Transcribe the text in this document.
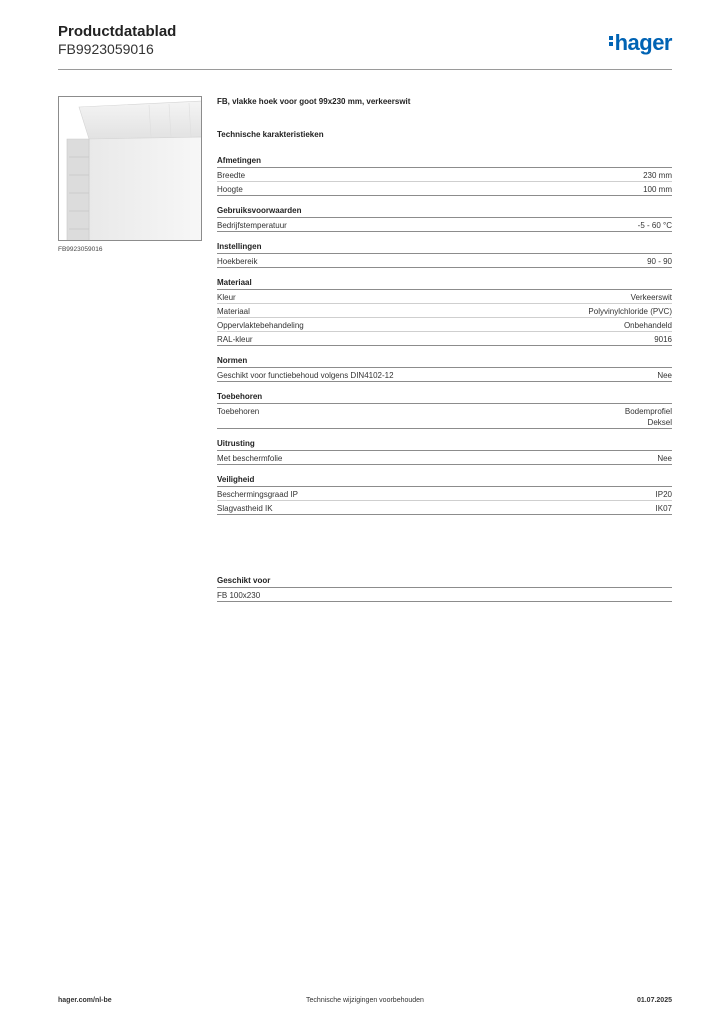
Productdatablad
FB9923059016	hager
FB9923059016
FB, vlakke hoek voor goot 99x230 mm, verkeerswit
Technische karakteristieken
Afmetingen
Breedte	230 mm
Hoogte	100 mm
Gebruiksvoorwaarden
Bedrijfstemperatuur	-5 - 60 °C
Instellingen
Hoekbereik	90 - 90
Materiaal
Kleur	Verkeerswit
Materiaal	Polyvinylchloride (PVC)
Oppervlaktebehandeling	Onbehandeld
RAL-kleur	9016
Normen
Geschikt voor functiebehoud volgens DIN4102-12	Nee
Toebehoren
Toebehoren	Bodemprofiel
Deksel
Uitrusting
Met beschermfolie	Nee
Veiligheid
Beschermingsgraad IP	IP20
Slagvastheid IK	IK07
Geschikt voor
FB 100x230
hager.com/nl-be	Technische wijzigingen voorbehouden	01.07.2025
